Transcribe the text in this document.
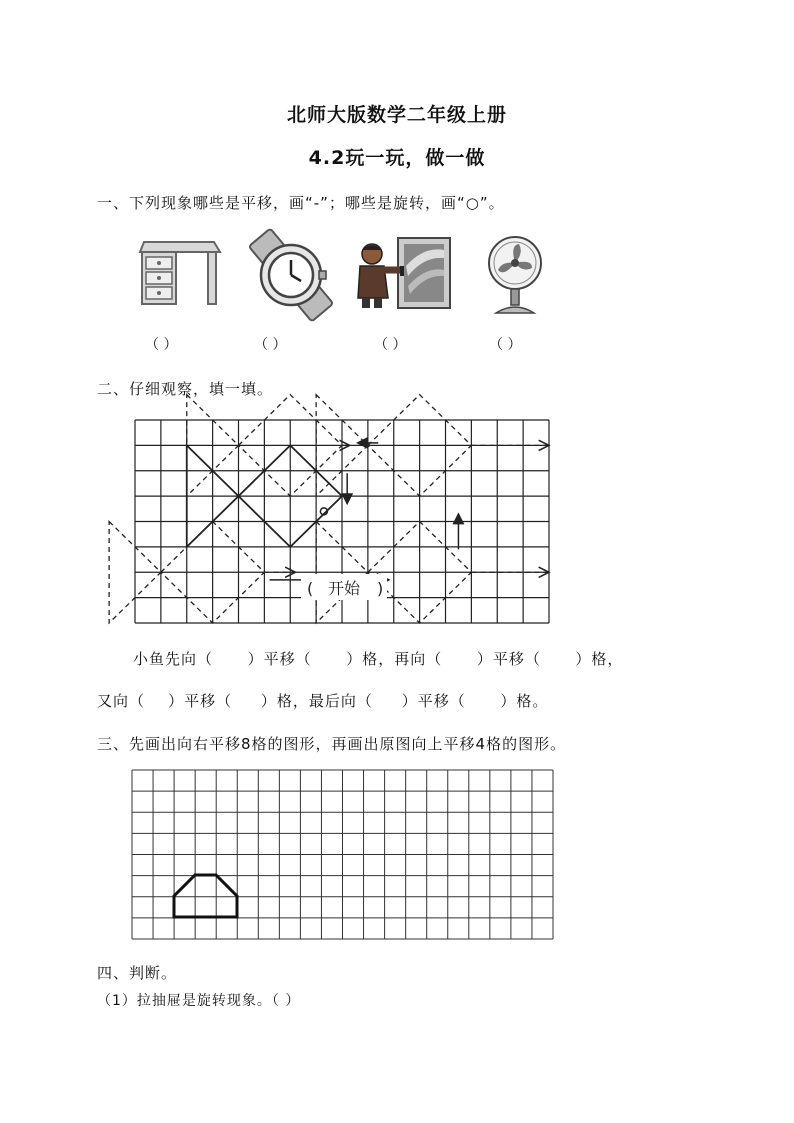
北师大版数学二年级上册
4.2玩一玩，做一做
一、下列现象哪些是平移，画“-”；哪些是旋转，画“○”。
（ ）	（ ）	（ ）	（ ）
二、仔细观察，填一填。
开始
(	)
小鱼先向（      ）平移（      ）格，再向（      ）平移（      ）格，
又向（    ）平移（     ）格，最后向（     ）平移（      ）格。
三、先画出向右平移8格的图形，再画出原图向上平移4格的图形。
四、判断。
（1）拉抽屉是旋转现象。（ ）
